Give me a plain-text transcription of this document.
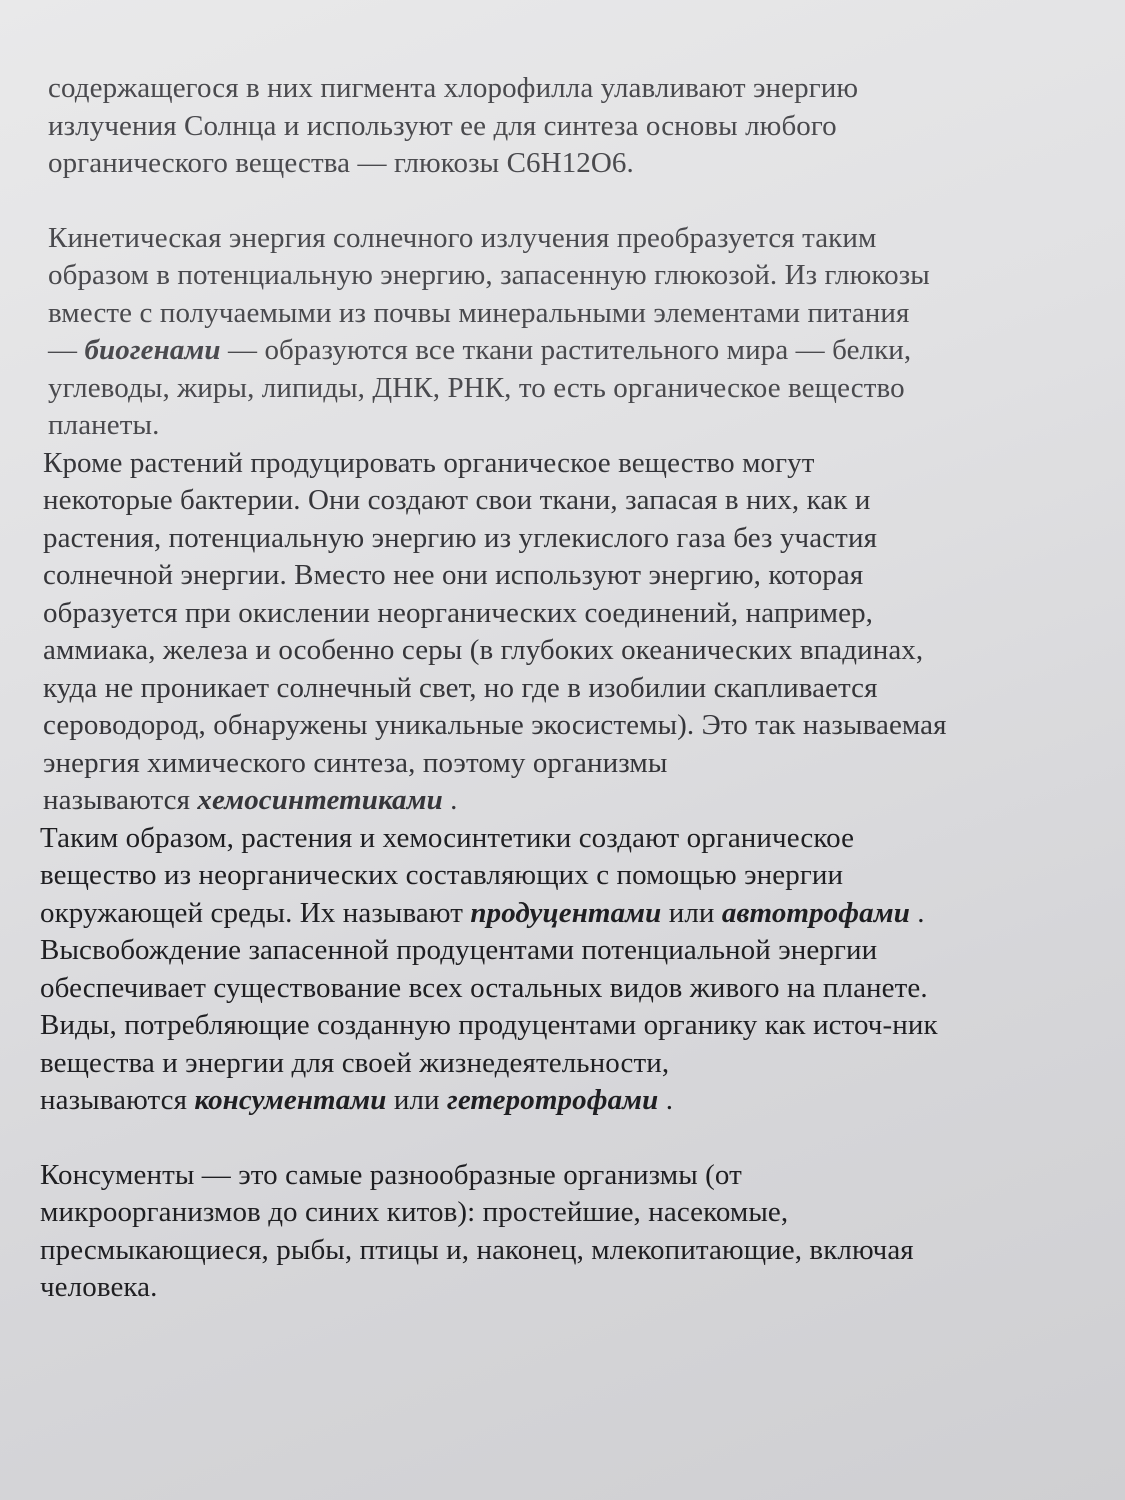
содержащегося в них пигмента хлорофилла улавливают энергию
излучения Солнца и используют ее для синтеза основы любого
органического вещества — глюкозы C6H12O6.

Кинетическая энергия солнечного излучения преобразуется таким
образом в потенциальную энергию, запасенную глюкозой. Из глюкозы
вместе с получаемыми из почвы минеральными элементами питания
— биогенами — образуются все ткани растительного мира — белки,
углеводы, жиры, липиды, ДНК, РНК, то есть органическое вещество
планеты.

Кроме растений продуцировать органическое вещество могут
некоторые бактерии. Они создают свои ткани, запасая в них, как и
растения, потенциальную энергию из углекислого газа без участия
солнечной энергии. Вместо нее они используют энергию, которая
образуется при окислении неорганических соединений, например,
аммиака, железа и особенно серы (в глубоких океанических впадинах,
куда не проникает солнечный свет, но где в изобилии скапливается
сероводород, обнаружены уникальные экосистемы). Это так называемая
энергия химического синтеза, поэтому организмы
называются хемосинтетиками .

Таким образом, растения и хемосинтетики создают органическое
вещество из неорганических составляющих с помощью энергии
окружающей среды. Их называют продуцентами или автотрофами .
Высвобождение запасенной продуцентами потенциальной энергии
обеспечивает существование всех остальных видов живого на планете.
Виды, потребляющие созданную продуцентами органику как источ-ник
вещества и энергии для своей жизнедеятельности,
называются консументами или гетеротрофами .

Консументы — это самые разнообразные организмы (от
микроорганизмов до синих китов): простейшие, насекомые,
пресмыкающиеся, рыбы, птицы и, наконец, млекопитающие, включая
человека.
